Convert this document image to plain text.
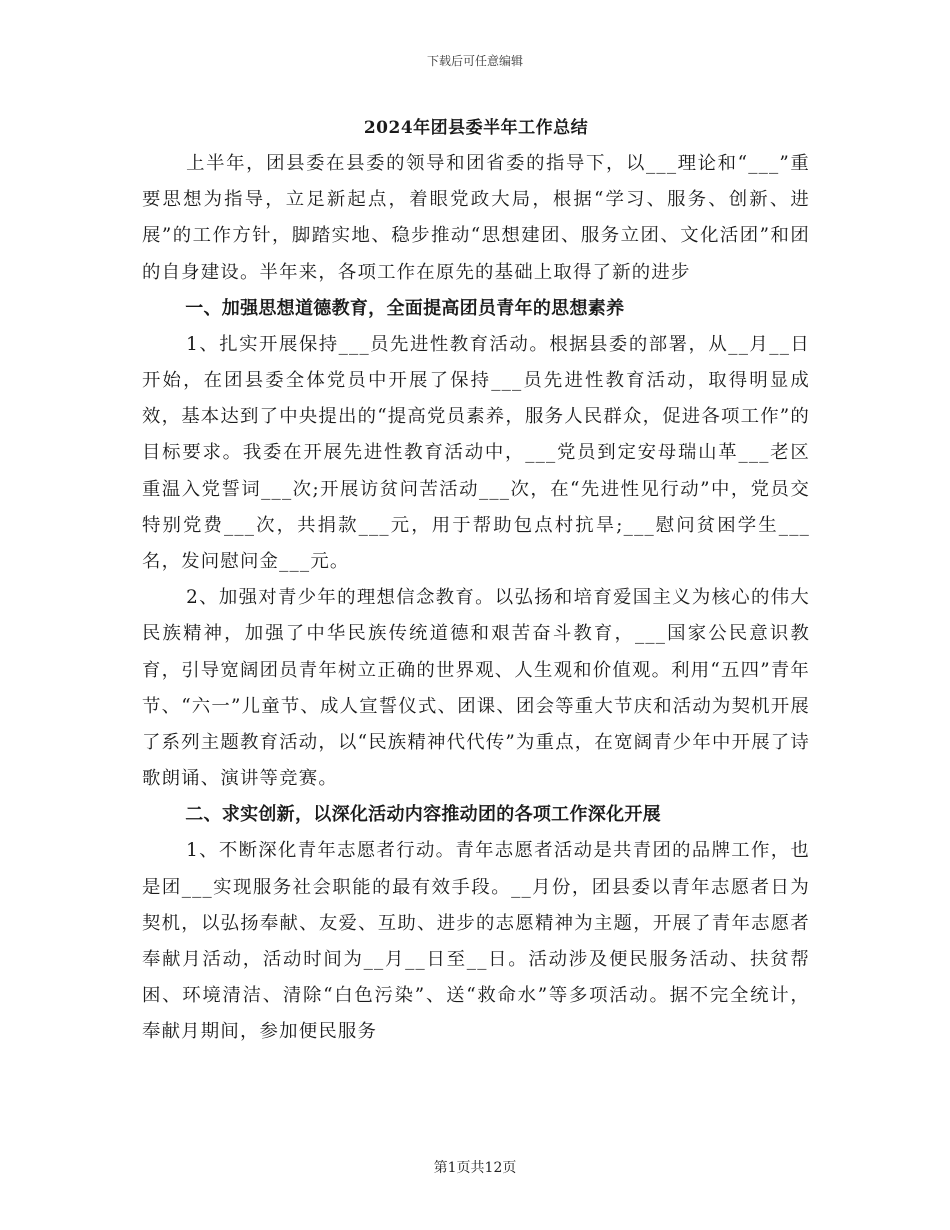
下载后可任意编辑
2024年团县委半年工作总结

上半年，团县委在县委的领导和团省委的指导下，以___理论和“___”重要思想为指导，立足新起点，着眼党政大局，根据“学习、服务、创新、进展”的工作方针，脚踏实地、稳步推动“思想建团、服务立团、文化活团”和团的自身建设。半年来，各项工作在原先的基础上取得了新的进步

一、加强思想道德教育，全面提高团员青年的思想素养

1、扎实开展保持___员先进性教育活动。根据县委的部署，从__月__日开始，在团县委全体党员中开展了保持___员先进性教育活动，取得明显成效，基本达到了中央提出的“提高党员素养，服务人民群众，促进各项工作”的目标要求。我委在开展先进性教育活动中，___党员到定安母瑞山革___老区重温入党誓词___次;开展访贫问苦活动___次，在“先进性见行动”中，党员交特别党费___次，共捐款___元，用于帮助包点村抗旱;___慰问贫困学生___名，发问慰问金___元。

2、加强对青少年的理想信念教育。以弘扬和培育爱国主义为核心的伟大民族精神，加强了中华民族传统道德和艰苦奋斗教育，___国家公民意识教育，引导宽阔团员青年树立正确的世界观、人生观和价值观。利用“五四”青年节、“六一”儿童节、成人宣誓仪式、团课、团会等重大节庆和活动为契机开展了系列主题教育活动，以“民族精神代代传”为重点，在宽阔青少年中开展了诗歌朗诵、演讲等竞赛。

二、求实创新，以深化活动内容推动团的各项工作深化开展

1、不断深化青年志愿者行动。青年志愿者活动是共青团的品牌工作，也是团___实现服务社会职能的最有效手段。__月份，团县委以青年志愿者日为契机，以弘扬奉献、友爱、互助、进步的志愿精神为主题，开展了青年志愿者奉献月活动，活动时间为__月__日至__日。活动涉及便民服务活动、扶贫帮困、环境清洁、清除“白色污染”、送“救命水”等多项活动。据不完全统计，奉献月期间，参加便民服务

第1页共12页
